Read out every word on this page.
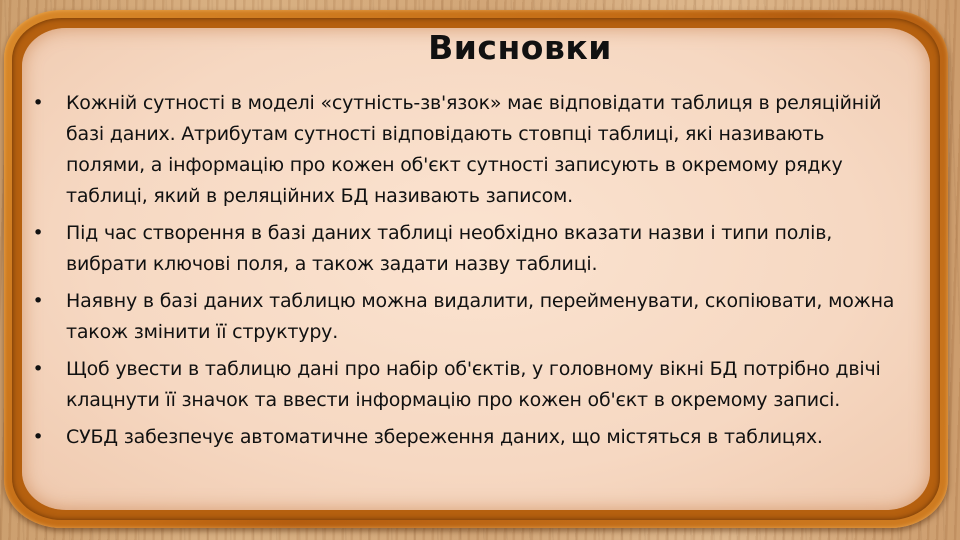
Висновки
• Кожній сутності в моделі «сутність-зв'язок» має відповідати таблиця в реляційній базі даних. Атрибутам сутності відповідають стовпці таблиці, які називають полями, а інформацію про кожен об'єкт сутності записують в окремому рядку таблиці, який в реляційних БД називають записом.
• Під час створення в базі даних таблиці необхідно вказати назви і типи полів, вибрати ключові поля, а також задати назву таблиці.
• Наявну в базі даних таблицю можна видалити, перейменувати, скопіювати, можна також змінити її структуру.
• Щоб увести в таблицю дані про набір об'єктів, у головному вікні БД потрібно двічі клацнути її значок та ввести інформацію про кожен об'єкт в окремому записі.
• СУБД забезпечує автоматичне збереження даних, що містяться в таблицях.
